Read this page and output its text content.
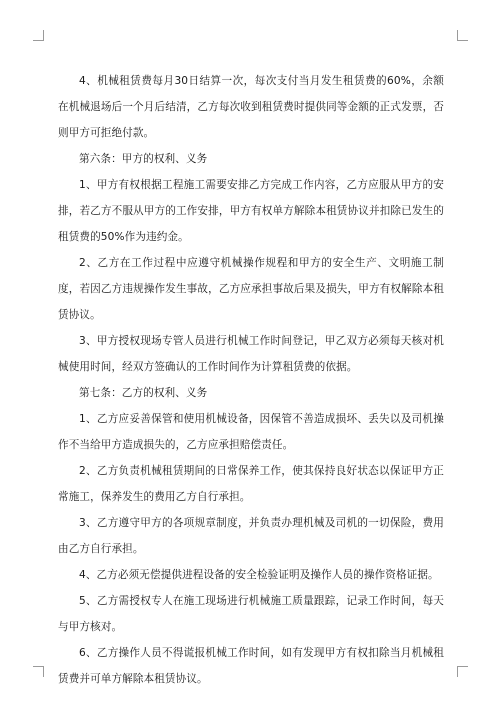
4、机械租赁费每月30日结算一次，每次支付当月发生租赁费的60%，余额在机械退场后一个月后结清，乙方每次收到租赁费时提供同等金额的正式发票，否则甲方可拒绝付款。

第六条：甲方的权利、义务

1、甲方有权根据工程施工需要安排乙方完成工作内容，乙方应服从甲方的安排，若乙方不服从甲方的工作安排，甲方有权单方解除本租赁协议并扣除已发生的租赁费的50%作为违约金。

2、乙方在工作过程中应遵守机械操作规程和甲方的安全生产、文明施工制度，若因乙方违规操作发生事故，乙方应承担事故后果及损失，甲方有权解除本租赁协议。

3、甲方授权现场专管人员进行机械工作时间登记，甲乙双方必须每天核对机械使用时间，经双方签确认的工作时间作为计算租赁费的依据。

第七条：乙方的权利、义务

1、乙方应妥善保管和使用机械设备，因保管不善造成损坏、丢失以及司机操作不当给甲方造成损失的，乙方应承担赔偿责任。

2、乙方负责机械租赁期间的日常保养工作，使其保持良好状态以保证甲方正常施工，保养发生的费用乙方自行承担。

3、乙方遵守甲方的各项规章制度，并负责办理机械及司机的一切保险，费用由乙方自行承担。

4、乙方必须无偿提供进程设备的安全检验证明及操作人员的操作资格证据。

5、乙方需授权专人在施工现场进行机械施工质量跟踪，记录工作时间，每天与甲方核对。

6、乙方操作人员不得谎报机械工作时间，如有发现甲方有权扣除当月机械租赁费并可单方解除本租赁协议。
